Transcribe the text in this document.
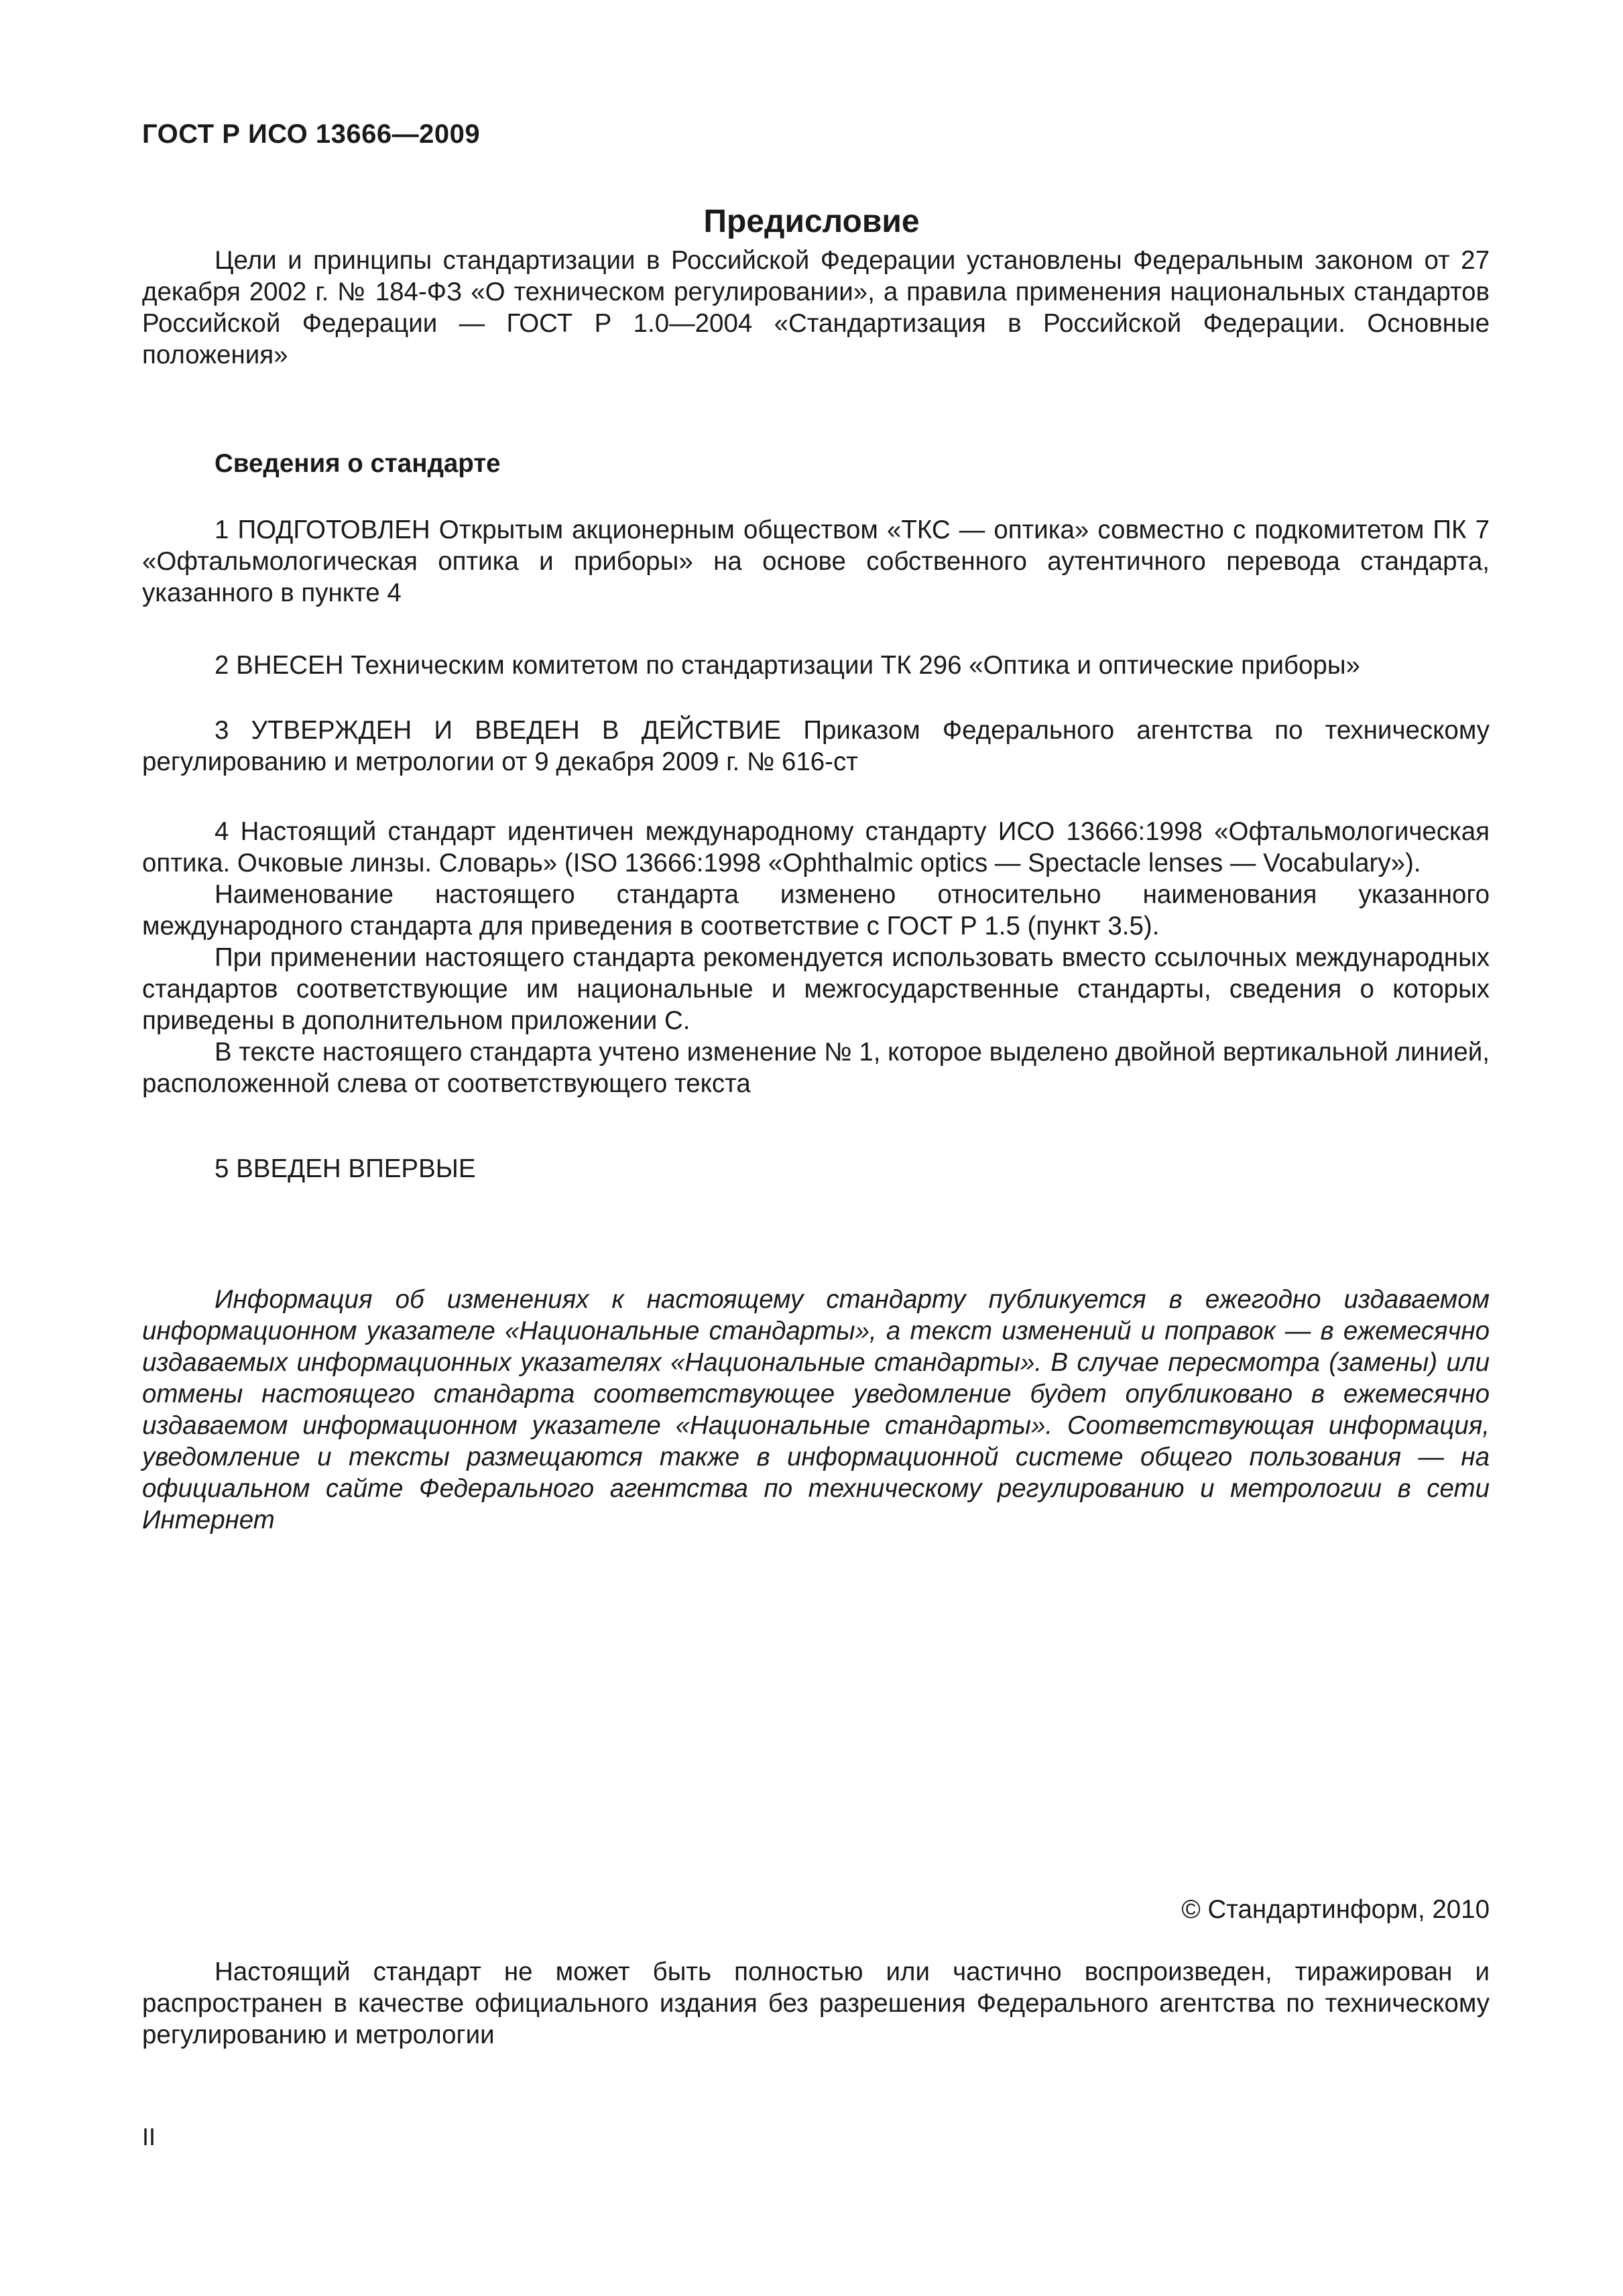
ГОСТ Р ИСО 13666—2009
Предисловие

Цели и принципы стандартизации в Российской Федерации установлены Федеральным законом от 27 декабря 2002 г. № 184-ФЗ «О техническом регулировании», а правила применения национальных стандартов Российской Федерации — ГОСТ Р 1.0—2004 «Стандартизация в Российской Федерации. Основные положения»

Сведения о стандарте

1 ПОДГОТОВЛЕН Открытым акционерным обществом «ТКС — оптика» совместно с подкомитетом ПК 7 «Офтальмологическая оптика и приборы» на основе собственного аутентичного перевода стандарта, указанного в пункте 4

2 ВНЕСЕН Техническим комитетом по стандартизации ТК 296 «Оптика и оптические приборы»

3 УТВЕРЖДЕН И ВВЕДЕН В ДЕЙСТВИЕ Приказом Федерального агентства по техническому регулированию и метрологии от 9 декабря 2009 г. № 616-ст

4 Настоящий стандарт идентичен международному стандарту ИСО 13666:1998 «Офтальмологическая оптика. Очковые линзы. Словарь» (ISO 13666:1998 «Ophthalmic optics — Spectacle lenses — Vocabulary»).

Наименование настоящего стандарта изменено относительно наименования указанного международного стандарта для приведения в соответствие с ГОСТ Р 1.5 (пункт 3.5).

При применении настоящего стандарта рекомендуется использовать вместо ссылочных международных стандартов соответствующие им национальные и межгосударственные стандарты, сведения о которых приведены в дополнительном приложении С.

В тексте настоящего стандарта учтено изменение № 1, которое выделено двойной вертикальной линией, расположенной слева от соответствующего текста

5 ВВЕДЕН ВПЕРВЫЕ

Информация об изменениях к настоящему стандарту публикуется в ежегодно издаваемом информационном указателе «Национальные стандарты», а текст изменений и поправок — в ежемесячно издаваемых информационных указателях «Национальные стандарты». В случае пересмотра (замены) или отмены настоящего стандарта соответствующее уведомление будет опубликовано в ежемесячно издаваемом информационном указателе «Национальные стандарты». Соответствующая информация, уведомление и тексты размещаются также в информационной системе общего пользования — на официальном сайте Федерального агентства по техническому регулированию и метрологии в сети Интернет

© Стандартинформ, 2010

Настоящий стандарт не может быть полностью или частично воспроизведен, тиражирован и распространен в качестве официального издания без разрешения Федерального агентства по техническому регулированию и метрологии

II
